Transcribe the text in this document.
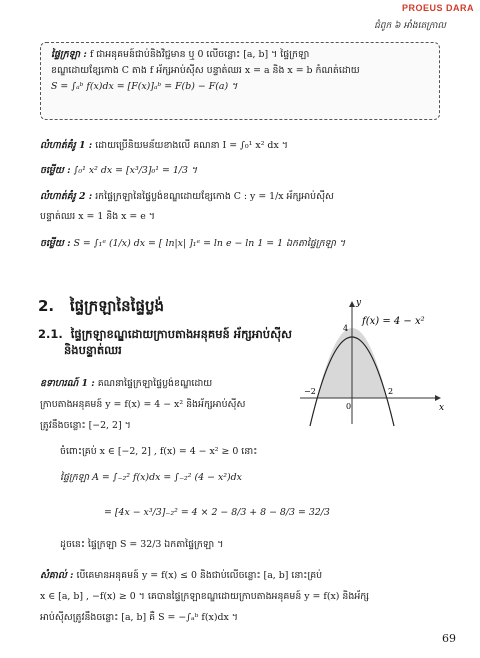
PROEUS DARA
ជំពូក ៦ អាំងតេក្រាល

ផ្ទៃក្រឡា : f ជាអនុគមន៍ជាប់និងវិជ្ជមាន ឬ 0 លើចន្លោះ [a, b] ។ ផ្ទៃក្រឡា

ខណ្ឌដោយខ្សែកោង C តាង f អ័ក្សអាប់ស៊ីស បន្ទាត់ឈរ x = a និង x = b កំណត់ដោយ

S = ∫ₐᵇ f(x)dx = [F(x)]ₐᵇ = F(b) − F(a) ។

លំហាត់គំរូ 1 : ដោយប្រើនិយមន័យខាងលើ គណនា I = ∫₀¹ x² dx ។
ចម្លើយ : ∫₀¹ x² dx = [x³/3]₀¹ = 1/3 ។
លំហាត់គំរូ 2 : រកផ្ទៃក្រឡានៃផ្ទៃប្លង់ខណ្ឌដោយខ្សែកោង C : y = 1/x អ័ក្សអាប់ស៊ីស
បន្ទាត់ឈរ x = 1 និង x = e ។
ចម្លើយ : S = ∫₁ᵉ (1/x) dx = [ ln|x| ]₁ᵉ = ln e − ln 1 = 1 ឯកតាផ្ទៃក្រឡា ។
2. ផ្ទៃក្រឡានៃផ្ទៃប្លង់
2.1. ផ្ទៃក្រឡាខណ្ឌដោយក្រាបតាងអនុគមន៍ អ័ក្សអាប់ស៊ីស
និងបន្ទាត់ឈរ
ឧទាហរណ៍ 1 : គណនាផ្ទៃក្រឡាផ្ទៃប្លង់ខណ្ឌដោយ
ក្រាបតាងអនុគមន៍ y = f(x) = 4 − x² និងអ័ក្សអាប់ស៊ីស
ត្រូវនឹងចន្លោះ [−2, 2] ។
ចំពោះគ្រប់ x ∈ [−2, 2] , f(x) = 4 − x² ≥ 0 នោះ
ផ្ទៃក្រឡា A = ∫₋₂² f(x)dx = ∫₋₂² (4 − x²)dx
= [4x − x³/3]₋₂² = 4 × 2 − 8/3 + 8 − 8/3 = 32/3
ដូចនេះ ផ្ទៃក្រឡា S = 32/3 ឯកតាផ្ទៃក្រឡា ។
f(x) = 4 − x²
x
y
−2	2
4
0
សំគាល់ : បើគេមានអនុគមន៍ y = f(x) ≤ 0 និងជាប់លើចន្លោះ [a, b] នោះគ្រប់
x ∈ [a, b] , −f(x) ≥ 0 ។ គេបានផ្ទៃក្រឡាខណ្ឌដោយក្រាបតាងអនុគមន៍ y = f(x) និងអ័ក្ស
អាប់ស៊ីសត្រូវនឹងចន្លោះ [a, b] គឺ S = −∫ₐᵇ f(x)dx ។
69
